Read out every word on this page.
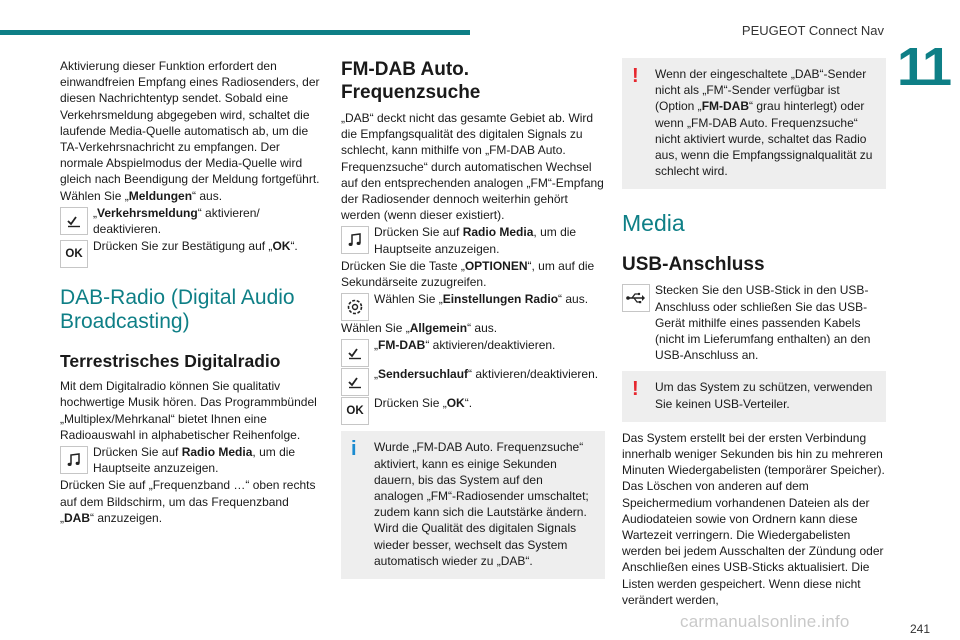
PEUGEOT Connect Nav
11

Aktivierung dieser Funktion erfordert den einwandfreien Empfang eines Radiosenders, der diesen Nachrichtentyp sendet. Sobald eine Verkehrsmeldung abgegeben wird, schaltet die laufende Media-Quelle automatisch ab, um die TA-Verkehrsnachricht zu empfangen. Der normale Abspielmodus der Media-Quelle wird gleich nach Beendigung der Meldung fortgeführt.
Wählen Sie „Meldungen“ aus.

„Verkehrsmeldung“ aktivieren/ deaktivieren.
OK
Drücken Sie zur Bestätigung auf „OK“.
DAB-Radio (Digital Audio Broadcasting)
Terrestrisches Digitalradio

Mit dem Digitalradio können Sie qualitativ hochwertige Musik hören. Das Programmbündel „Multiplex/Mehrkanal“ bietet Ihnen eine Radioauswahl in alphabetischer Reihenfolge.

Drücken Sie auf Radio Media, um die Hauptseite anzuzeigen.

Drücken Sie auf „Frequenzband …“ oben rechts auf dem Bildschirm, um das Frequenzband „DAB“ anzuzeigen.

FM-DAB Auto. Frequenzsuche

„DAB“ deckt nicht das gesamte Gebiet ab. Wird die Empfangsqualität des digitalen Signals zu schlecht, kann mithilfe von „FM-DAB Auto. Frequenzsuche“ durch automatischen Wechsel auf den entsprechenden analogen „FM“-Empfang der Radiosender dennoch weiterhin gehört werden (wenn dieser existiert).

Drücken Sie auf Radio Media, um die Hauptseite anzuzeigen.

Drücken Sie die Taste „OPTIONEN“, um auf die Sekundärseite zuzugreifen.

Wählen Sie „Einstellungen Radio“ aus.

Wählen Sie „Allgemein“ aus.

„FM-DAB“ aktivieren/deaktivieren.
„Sendersuchlauf“ aktivieren/deaktivieren.
OK
Drücken Sie „OK“.
i Wurde „FM-DAB Auto. Frequenzsuche“ aktiviert, kann es einige Sekunden dauern, bis das System auf den analogen „FM“-Radiosender umschaltet; zudem kann sich die Lautstärke ändern. Wird die Qualität des digitalen Signals wieder besser, wechselt das System automatisch wieder zu „DAB“.
! Wenn der eingeschaltete „DAB“-Sender nicht als „FM“-Sender verfügbar ist (Option „FM-DAB“ grau hinterlegt) oder wenn „FM-DAB Auto. Frequenzsuche“ nicht aktiviert wurde, schaltet das Radio aus, wenn die Empfangssignalqualität zu schlecht wird.
Media
USB-Anschluss
Stecken Sie den USB-Stick in den USB-Anschluss oder schließen Sie das USB-Gerät mithilfe eines passenden Kabels (nicht im Lieferumfang enthalten) an den USB-Anschluss an.
! Um das System zu schützen, verwenden Sie keinen USB-Verteiler.

Das System erstellt bei der ersten Verbindung innerhalb weniger Sekunden bis hin zu mehreren Minuten Wiedergabelisten (temporärer Speicher). Das Löschen von anderen auf dem Speichermedium vorhandenen Dateien als der Audiodateien sowie von Ordnern kann diese Wartezeit verringern. Die Wiedergabelisten werden bei jedem Ausschalten der Zündung oder Anschließen eines USB-Sticks aktualisiert. Die Listen werden gespeichert. Wenn diese nicht verändert werden,

carmanualsonline.info	241
